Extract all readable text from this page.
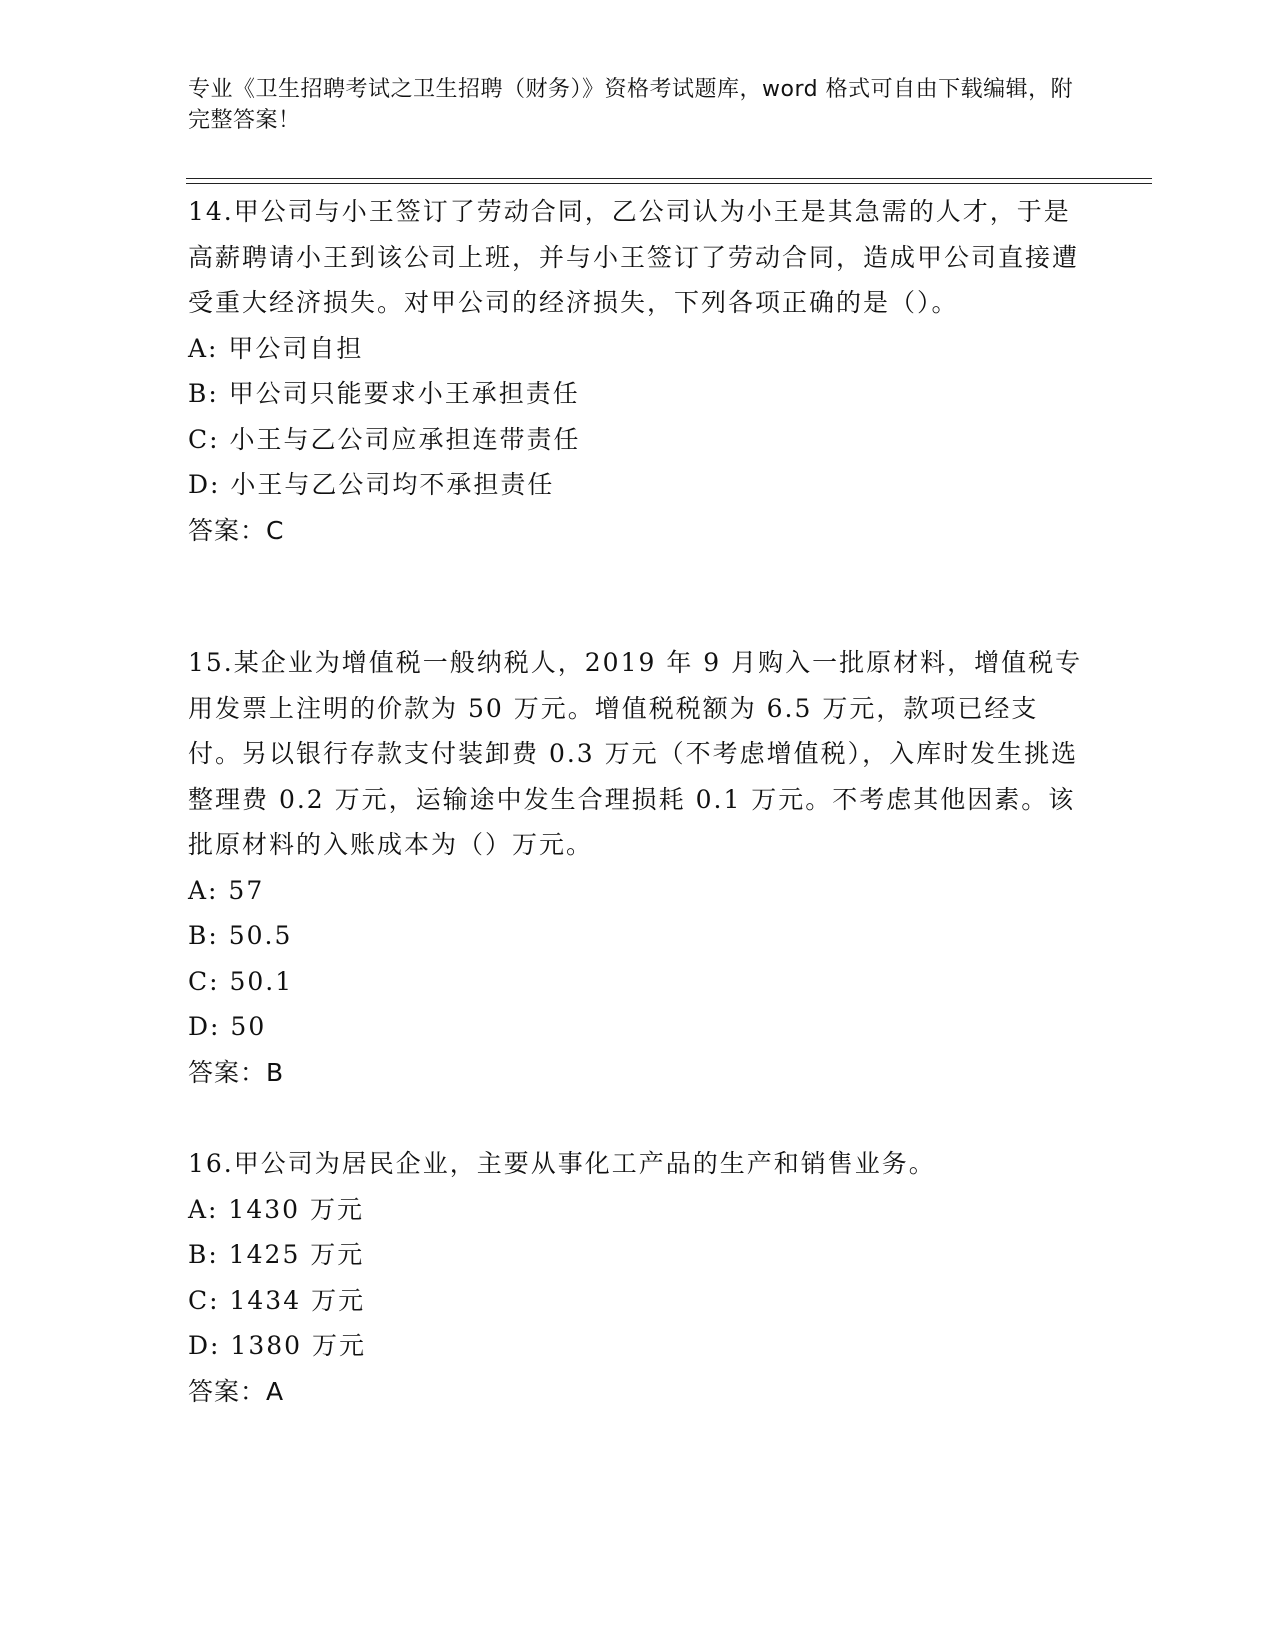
专业《卫生招聘考试之卫生招聘（财务）》资格考试题库，word 格式可自由下载编辑，附完整答案！
14.甲公司与小王签订了劳动合同，乙公司认为小王是其急需的人才，于是高薪聘请小王到该公司上班，并与小王签订了劳动合同，造成甲公司直接遭受重大经济损失。对甲公司的经济损失，下列各项正确的是（）。
A: 甲公司自担
B: 甲公司只能要求小王承担责任
C: 小王与乙公司应承担连带责任
D: 小王与乙公司均不承担责任
答案：C
15.某企业为增值税一般纳税人，2019 年 9 月购入一批原材料，增值税专用发票上注明的价款为 50 万元。增值税税额为 6.5 万元，款项已经支付。另以银行存款支付装卸费 0.3 万元（不考虑增值税），入库时发生挑选整理费 0.2 万元，运输途中发生合理损耗 0.1 万元。不考虑其他因素。该批原材料的入账成本为（）万元。
A: 57
B: 50.5
C: 50.1
D: 50
答案：B
16.甲公司为居民企业，主要从事化工产品的生产和销售业务。
A: 1430 万元
B: 1425 万元
C: 1434 万元
D: 1380 万元
答案：A
